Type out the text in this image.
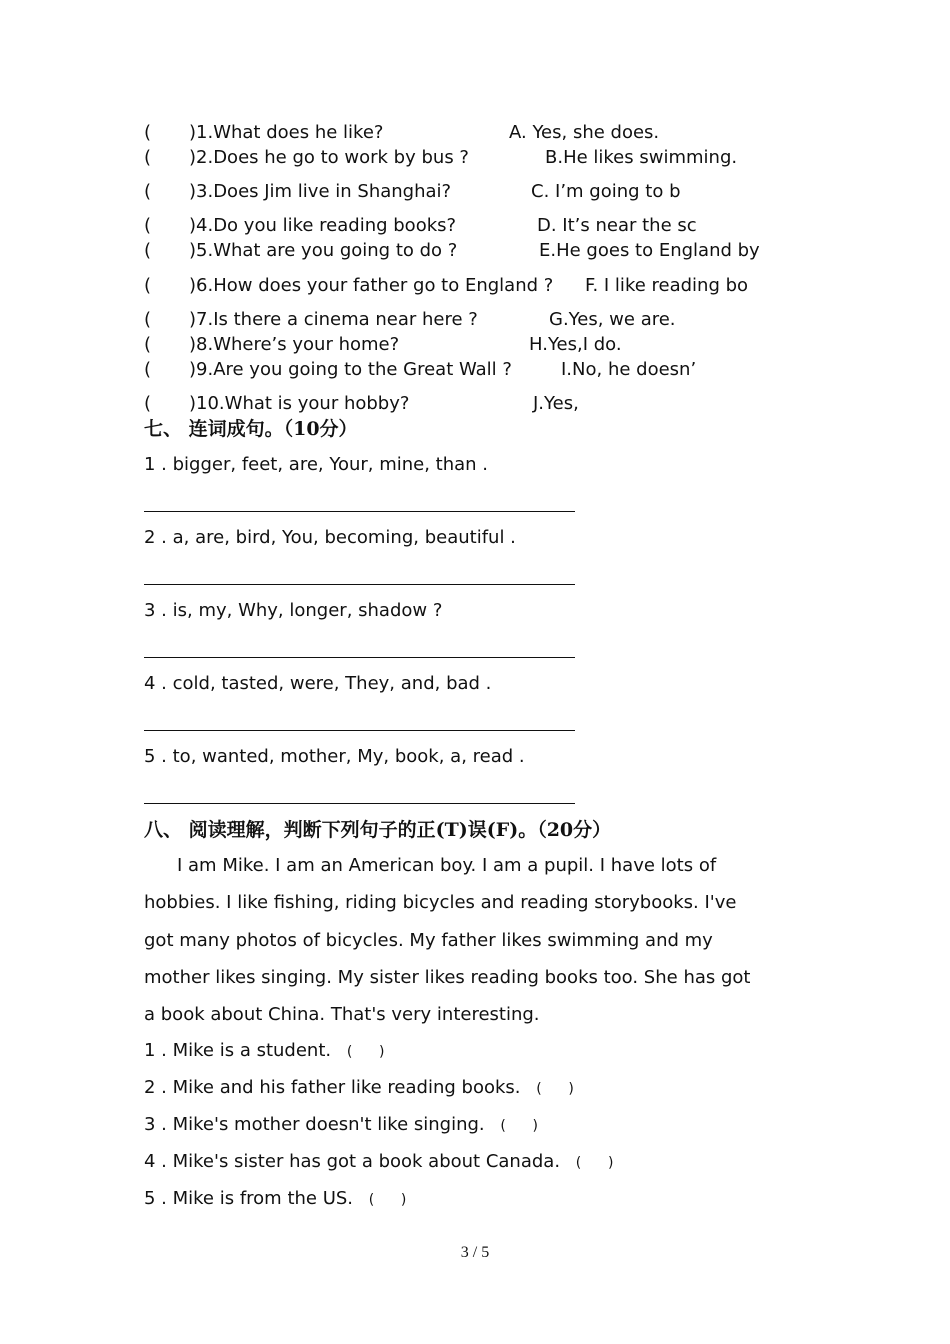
( )1.What does he like?	A. Yes, she does.
( )2.Does he go to work by bus ?	B.He likes swimming.
( )3.Does Jim live in Shanghai?	C. I’m going to b
( )4.Do you like reading books?	D. It’s near the sc
( )5.What are you going to do ?	E.He goes to England by
( )6.How does your father go to England ? F. I like reading bo
( )7.Is there a cinema near here ?	G.Yes, we are.
( )8.Where’s your home?	H.Yes,I do.
( )9.Are you going to the Great Wall ?	I.No, he doesn’
( )10.What is your hobby?	J.Yes,
七、 连词成句。（10分）
1 . bigger, feet, are, Your, mine, than .
2 . a, are, bird, You, becoming, beautiful .
3 . is, my, Why, longer, shadow ?
4 . cold, tasted, were, They, and, bad .
5 . to, wanted, mother, My, book, a, read .
八、 阅读理解，判断下列句子的正(T)误(F)。（20分）
I am Mike. I am an American boy. I am a pupil. I have lots of
hobbies. I like fishing, riding bicycles and reading storybooks. I've
got many photos of bicycles. My father likes swimming and my
mother likes singing. My sister likes reading books too. She has got
a book about China. That's very interesting.
1 . Mike is a student. (      )
2 . Mike and his father like reading books. (      )
3 . Mike's mother doesn't like singing. (      )
4 . Mike's sister has got a book about Canada. (      )
5 . Mike is from the US. (      )
3 / 5
